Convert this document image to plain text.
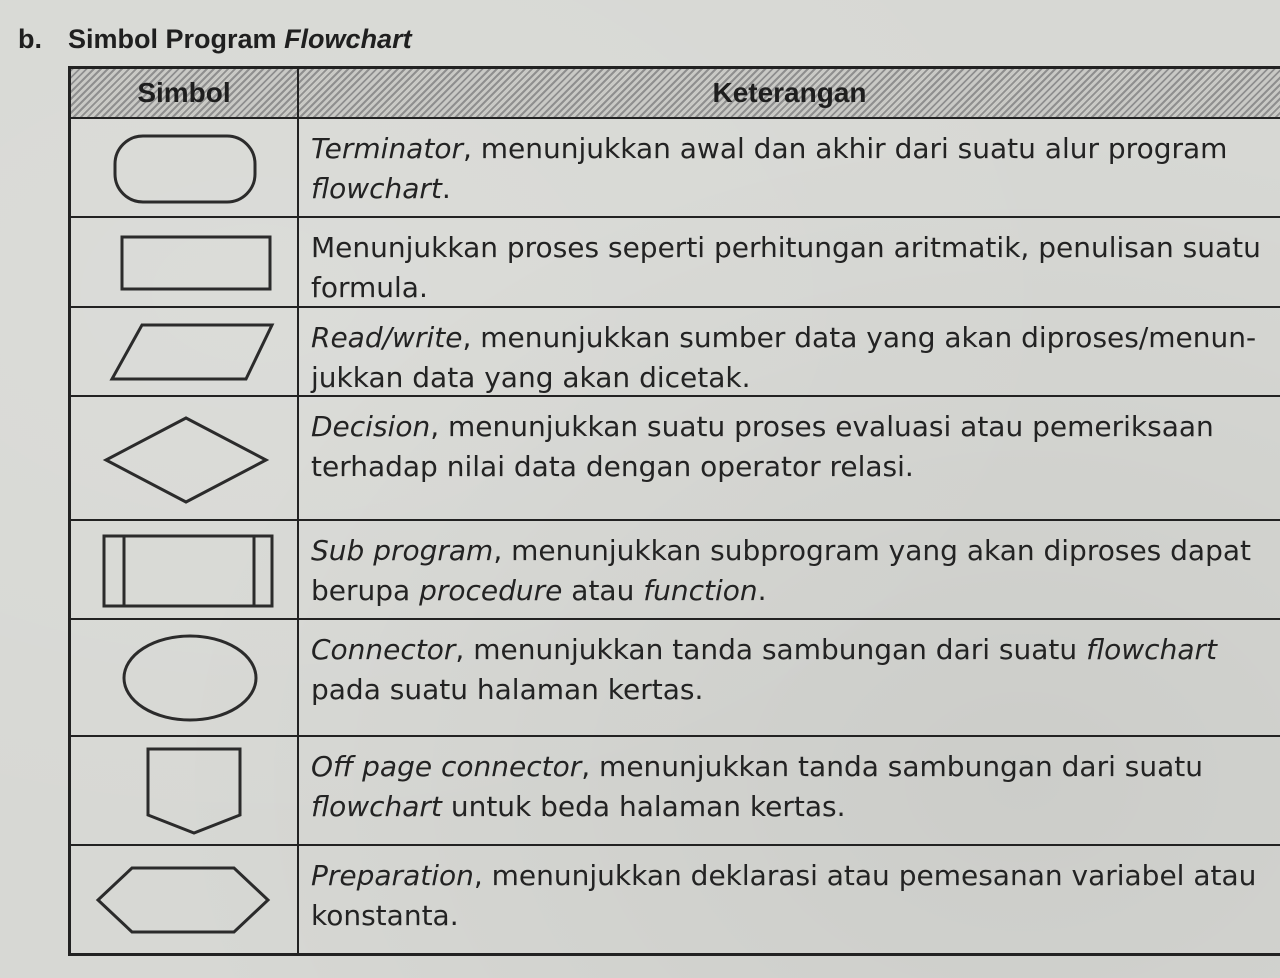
b. Simbol Program Flowchart
Simbol	Keterangan
Terminator, menunjukkan awal dan akhir dari suatu alur program
flowchart.
Menunjukkan proses seperti perhitungan aritmatik, penulisan suatu
formula.
Read/write, menunjukkan sumber data yang akan diproses/menun-
jukkan data yang akan dicetak.
Decision, menunjukkan suatu proses evaluasi atau pemeriksaan
terhadap nilai data dengan operator relasi.
Sub program, menunjukkan subprogram yang akan diproses dapat
berupa procedure atau function.
Connector, menunjukkan tanda sambungan dari suatu flowchart
pada suatu halaman kertas.
Off page connector, menunjukkan tanda sambungan dari suatu
flowchart untuk beda halaman kertas.
Preparation, menunjukkan deklarasi atau pemesanan variabel atau
konstanta.
